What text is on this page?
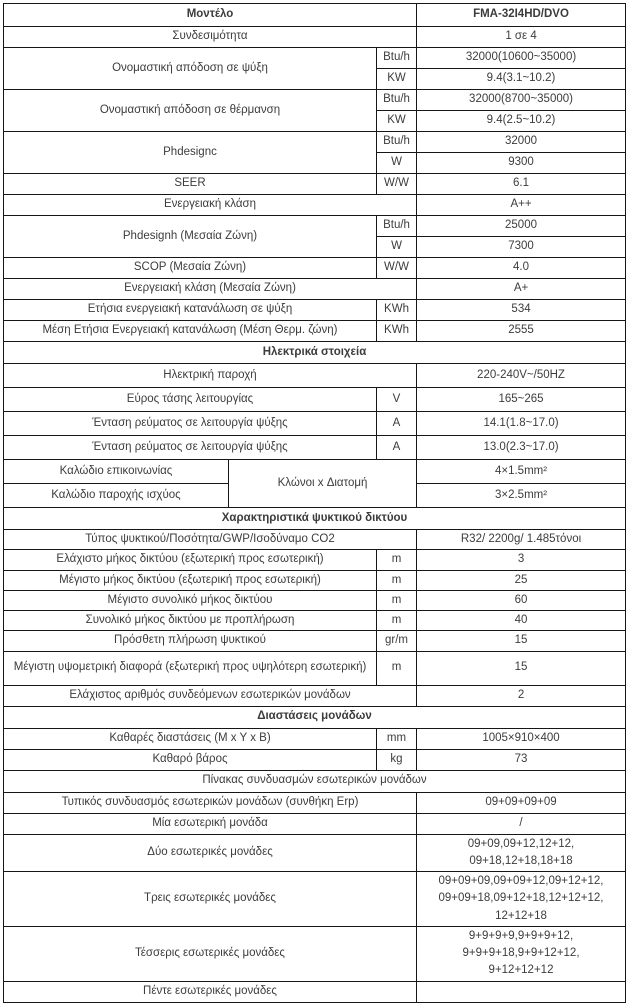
Μοντέλο			FMA-32I4HD/DVO
Συνδεσιμότητα			1 σε 4
Ονομαστική απόδοση σε ψύξη		Btu/h	32000(10600~35000)
		KW	9.4(3.1~10.2)
Ονομαστική απόδοση σε θέρμανση		Btu/h	32000(8700~35000)
		KW	9.4(2.5~10.2)
Phdesignc		Btu/h	32000
		W	9300
SEER		W/W	6.1
Ενεργειακή κλάση			A++
Phdesignh (Μεσαία Ζώνη)		Btu/h	25000
		W	7300
SCOP (Μεσαία Ζώνη)		W/W	4.0
Ενεργειακή κλάση (Μεσαία Ζώνη)			A+
Ετήσια ενεργειακή κατανάλωση σε ψύξη		KWh	534
Μέση Ετήσια Ενεργειακή κατανάλωση (Μέση Θερμ. ζώνη)		KWh	2555
Ηλεκτρικά στοιχεία			
Ηλεκτρική παροχή			220-240V~/50HZ
Εύρος τάσης λειτουργίας		V	165~265
Ένταση ρεύματος σε λειτουργία ψύξης		A	14.1(1.8~17.0)
Ένταση ρεύματος σε λειτουργία ψύξης		A	13.0(2.3~17.0)
Καλώδιο επικοινωνίας	Κλώνοι x Διατομή		4×1.5mm²
Καλώδιο παροχής ισχύος			3×2.5mm²
Χαρακτηριστικά ψυκτικού δικτύου			
Τύπος ψυκτικού/Ποσότητα/GWP/Ισοδύναμο CO2			R32/ 2200g/ 1.485τόνοι
Ελάχιστο μήκος δικτύου (εξωτερική προς εσωτερική)		m	3
Μέγιστο μήκος δικτύου (εξωτερική προς εσωτερική)		m	25
Μέγιστο συνολικό μήκος δικτύου		m	60
Συνολικό μήκος δικτύου με προπλήρωση		m	40
Πρόσθετη πλήρωση ψυκτικού		gr/m	15
Μέγιστη υψομετρική διαφορά (εξωτερική προς υψηλότερη εσωτερική)		m	15
Ελάχιστος αριθμός συνδεόμενων εσωτερικών μονάδων			2
Διαστάσεις μονάδων			
Καθαρές διαστάσεις (M x Y x B)		mm	1005×910×400
Καθαρό βάρος		kg	73
Πίνακας συνδυασμών εσωτερικών μονάδων			
Τυπικός συνδυασμός εσωτερικών μονάδων (συνθήκη Erp)			09+09+09+09
Μία εσωτερική μονάδα			/
Δύο εσωτερικές μονάδες			09+09,09+12,12+12,
09+18,12+18,18+18
Τρεις εσωτερικές μονάδες			09+09+09,09+09+12,09+12+12,
09+09+18,09+12+18,12+12+12,
12+12+18
Τέσσερις εσωτερικές μονάδες			9+9+9+9,9+9+9+12,
9+9+9+18,9+9+12+12,
9+12+12+12
Πέντε εσωτερικές μονάδες			
